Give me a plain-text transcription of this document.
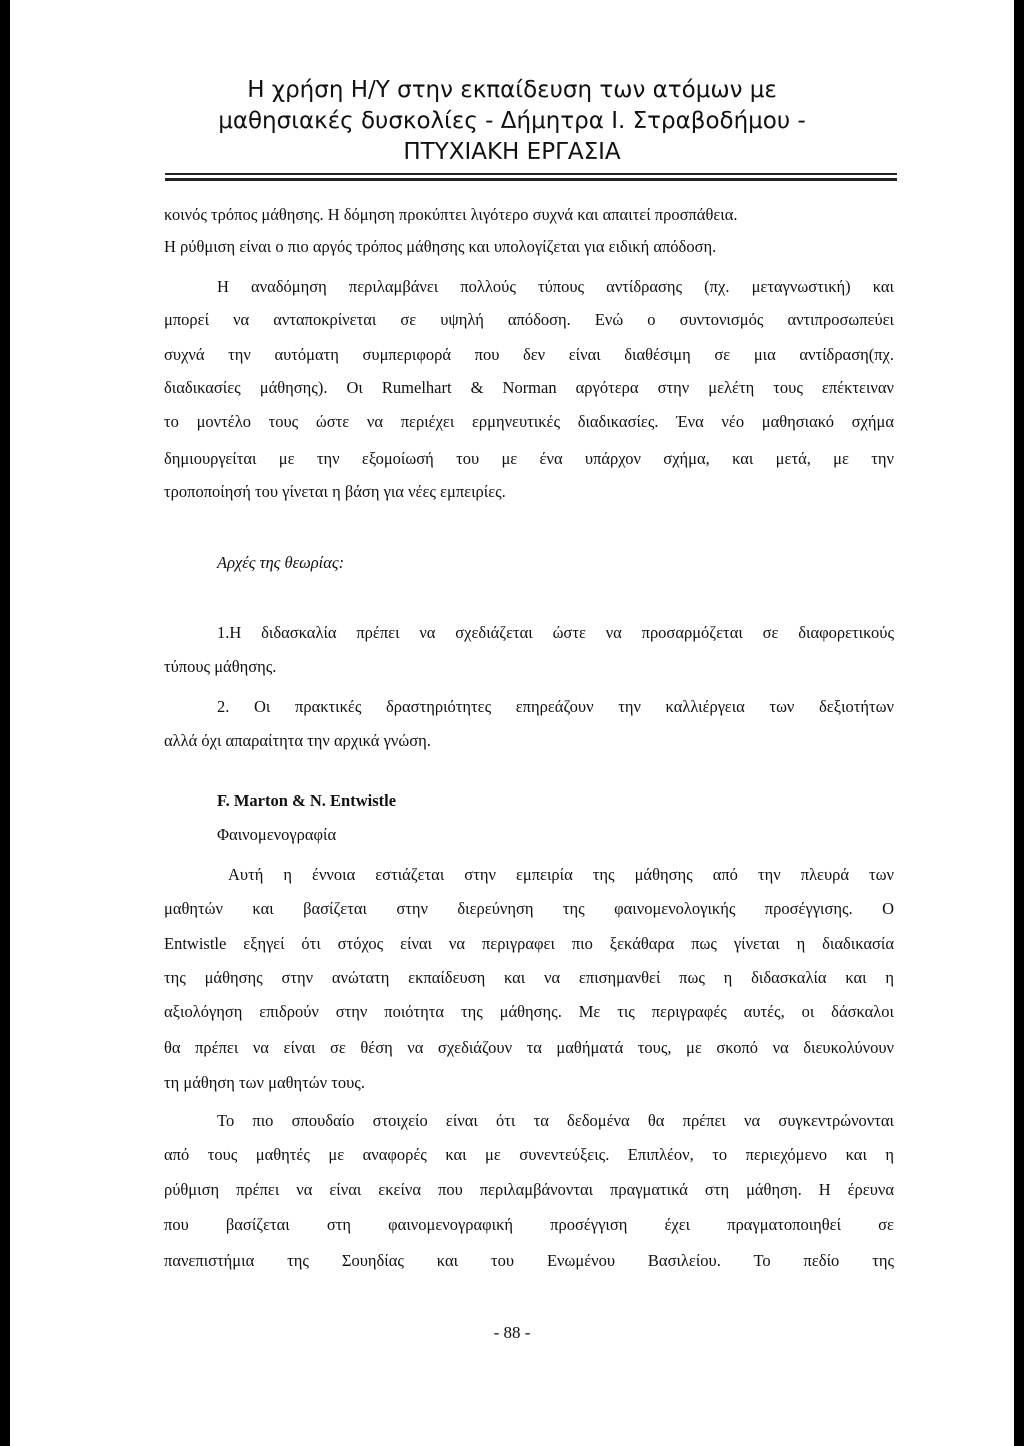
Η χρήση Η/Υ στην εκπαίδευση των ατόμων με
μαθησιακές δυσκολίες - Δήμητρα Ι. Στραβοδήμου -
ΠΤΥΧΙΑΚΗ ΕΡΓΑΣΙΑ
κοινός τρόπος μάθησης. Η δόμηση προκύπτει λιγότερο συχνά και απαιτεί προσπάθεια.
Η ρύθμιση είναι ο πιο αργός τρόπος μάθησης και υπολογίζεται για ειδική απόδοση.
Η αναδόμηση περιλαμβάνει πολλούς τύπους αντίδρασης (πχ. μεταγνωστική) και
μπορεί να ανταποκρίνεται σε υψηλή απόδοση. Ενώ ο συντονισμός αντιπροσωπεύει
συχνά την αυτόματη συμπεριφορά που δεν είναι διαθέσιμη σε μια αντίδραση(πχ.
διαδικασίες μάθησης). Οι Rumelhart & Norman αργότερα στην μελέτη τους επέκτειναν
το μοντέλο τους ώστε να περιέχει ερμηνευτικές διαδικασίες. Ένα νέο μαθησιακό σχήμα
δημιουργείται με την εξομοίωσή του με ένα υπάρχον σχήμα, και μετά, με την
τροποποίησή του γίνεται η βάση για νέες εμπειρίες.
Αρχές της θεωρίας:
1.Η διδασκαλία πρέπει να σχεδιάζεται ώστε να προσαρμόζεται σε διαφορετικούς
τύπους μάθησης.
2. Οι πρακτικές δραστηριότητες επηρεάζουν την καλλιέργεια των δεξιοτήτων
αλλά όχι απαραίτητα την αρχικά γνώση.
F. Marton & N. Entwistle
Φαινομενογραφία
Αυτή η έννοια εστιάζεται στην εμπειρία της μάθησης από την πλευρά των
μαθητών και βασίζεται στην διερεύνηση της φαινομενολογικής προσέγγισης. Ο
Entwistle εξηγεί ότι στόχος είναι να περιγραφει πιο ξεκάθαρα πως γίνεται η διαδικασία
της μάθησης στην ανώτατη εκπαίδευση και να επισημανθεί πως η διδασκαλία και η
αξιολόγηση επιδρούν στην ποιότητα της μάθησης. Με τις περιγραφές αυτές, οι δάσκαλοι
θα πρέπει να είναι σε θέση να σχεδιάζουν τα μαθήματά τους, με σκοπό να διευκολύνουν
τη μάθηση των μαθητών τους.
Το πιο σπουδαίο στοιχείο είναι ότι τα δεδομένα θα πρέπει να συγκεντρώνονται
από τους μαθητές με αναφορές και με συνεντεύξεις. Επιπλέον, το περιεχόμενο και η
ρύθμιση πρέπει να είναι εκείνα που περιλαμβάνονται πραγματικά στη μάθηση. Η έρευνα
που βασίζεται στη φαινομενογραφική προσέγγιση έχει πραγματοποιηθεί σε
πανεπιστήμια της Σουηδίας και του Ενωμένου Βασιλείου. Το πεδίο της
- 88 -
